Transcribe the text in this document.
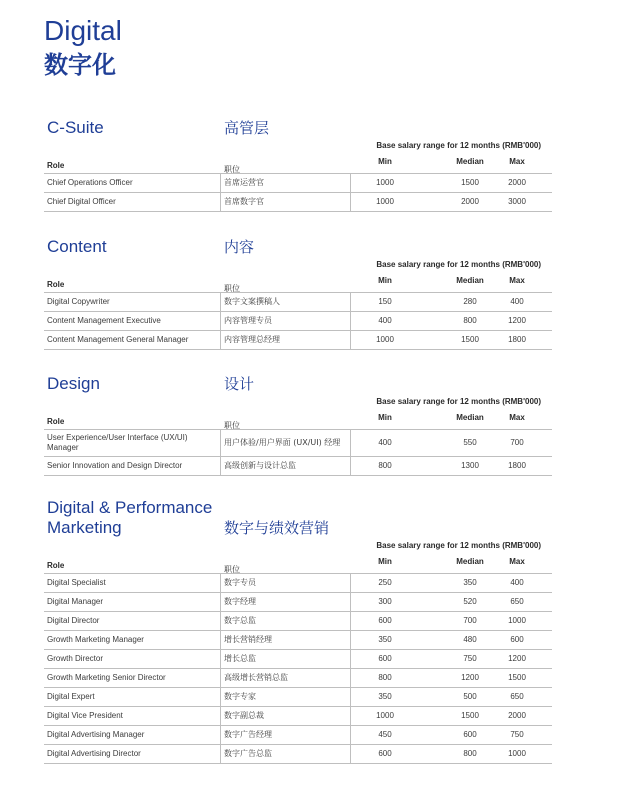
Digital
数字化
C-Suite	高管层
Base salary range for 12 months (RMB'000)
Role	职位
Min	Median	Max
Chief Operations Officer	首席运营官	1000	1500	2000
Chief Digital Officer	首席数字官	1000	2000	3000
Content	内容
Base salary range for 12 months (RMB'000)
Role	职位
Min	Median	Max
Digital Copywriter	数字文案撰稿人	150	280	400
Content Management Executive	内容管理专员	400	800	1200
Content Management General Manager	内容管理总经理	1000	1500	1800
Design	设计
Base salary range for 12 months (RMB'000)
Role	职位
Min	Median	Max
User Experience/User Interface (UX/UI) Manager
用户体验/用户界面 (UX/UI) 经理	400	550	700
Senior Innovation and Design Director	高级创新与设计总监	800	1300	1800
Digital & Performance Marketing	数字与绩效营销
Base salary range for 12 months (RMB'000)
Role	职位
Min	Median	Max
Digital Specialist	数字专员	250	350	400
Digital Manager	数字经理	300	520	650
Digital Director	数字总监	600	700	1000
Growth Marketing Manager	增长营销经理	350	480	600
Growth Director	增长总监	600	750	1200
Growth Marketing Senior Director	高级增长营销总监	800	1200	1500
Digital Expert	数字专家	350	500	650
Digital Vice President	数字副总裁	1000	1500	2000
Digital Advertising Manager	数字广告经理	450	600	750
Digital Advertising Director	数字广告总监	600	800	1000
